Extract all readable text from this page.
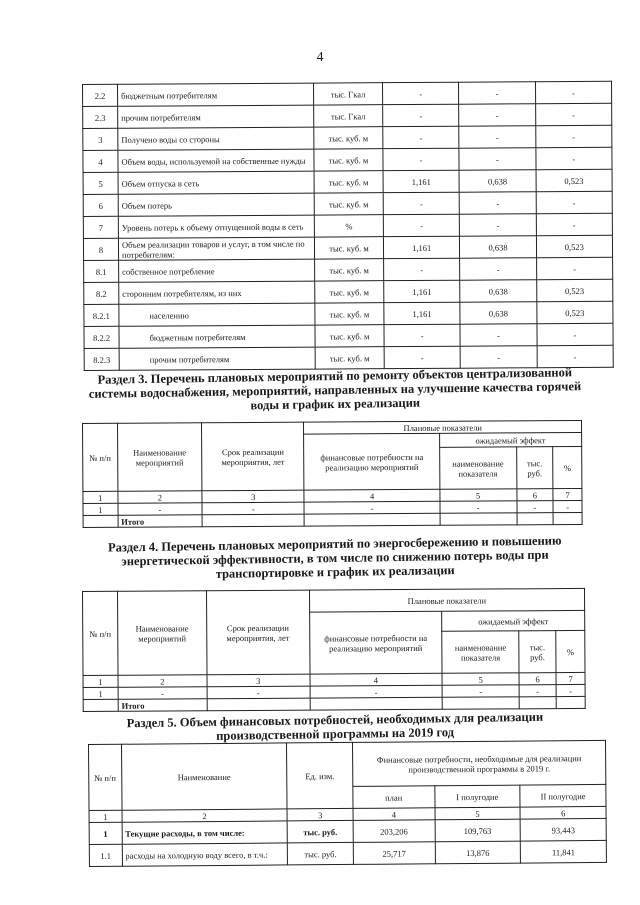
4
2.2	бюджетным потребителям	тыс. Гкал	-	-	-
2.3	прочим потребителям	тыс. Гкал	-	-	-
3	Получено воды со стороны	тыс. куб. м	-	-	-
4	Объем воды, используемой на собственные нужды	тыс. куб. м	-	-	-
5	Объем отпуска в сеть	тыс. куб. м	1,161	0,638	0,523
6	Объем потерь	тыс. куб. м	-	-	-
7	Уровень потерь к объему отпущенной воды в сеть	%	-	-	-
8	Объем реализации товаров и услуг, в том числе по потребителям:	тыс. куб. м	1,161	0,638	0,523
8.1	собственное потребление	тыс. куб. м	-	-	-
8.2	сторонним потребителям, из них	тыс. куб. м	1,161	0,638	0,523
8.2.1	населению	тыс. куб. м	1,161	0,638	0,523
8.2.2	бюджетным потребителям	тыс. куб. м	-	-	-
8.2.3	прочим потребителям	тыс. куб. м	-	-	-
Раздел 3. Перечень плановых мероприятий по ремонту объектов централизованной системы водоснабжения, мероприятий, направленных на улучшение качества горячей воды и график их реализации
№ п/п	Наименование мероприятий	Срок реализации мероприятия, лет	Плановые показатели			
			финансовые потребности на реализацию мероприятий	ожидаемый эффект		
				наименование показателя	тыс. руб.	%
1	2	3	4	5	6	7
1	-	-	-	-	-	-
	Итого					
Раздел 4. Перечень плановых мероприятий по энергосбережению и повышению энергетической эффективности, в том числе по снижению потерь воды при транспортировке и график их реализации
№ п/п	Наименование мероприятий	Срок реализации мероприятия, лет	Плановые показатели			
			финансовые потребности на реализацию мероприятий	ожидаемый эффект		
				наименование показателя	тыс. руб.	%
1	2	3	4	5	6	7
1	-	-	-	-	-	-
	Итого					
Раздел 5. Объем финансовых потребностей, необходимых для реализации производственной программы на 2019 год
№ п/п	Наименование	Ед. изм.	Финансовые потребности, необходимые для реализации производственной программы в 2019 г.		
			план	I полугодие	II полугодие
1	2	3	4	5	6
1	Текущие расходы, в том числе:	тыс. руб.	203,206	109,763	93,443
1.1	расходы на холодную воду всего, в т.ч.:	тыс. руб.	25,717	13,876	11,841
